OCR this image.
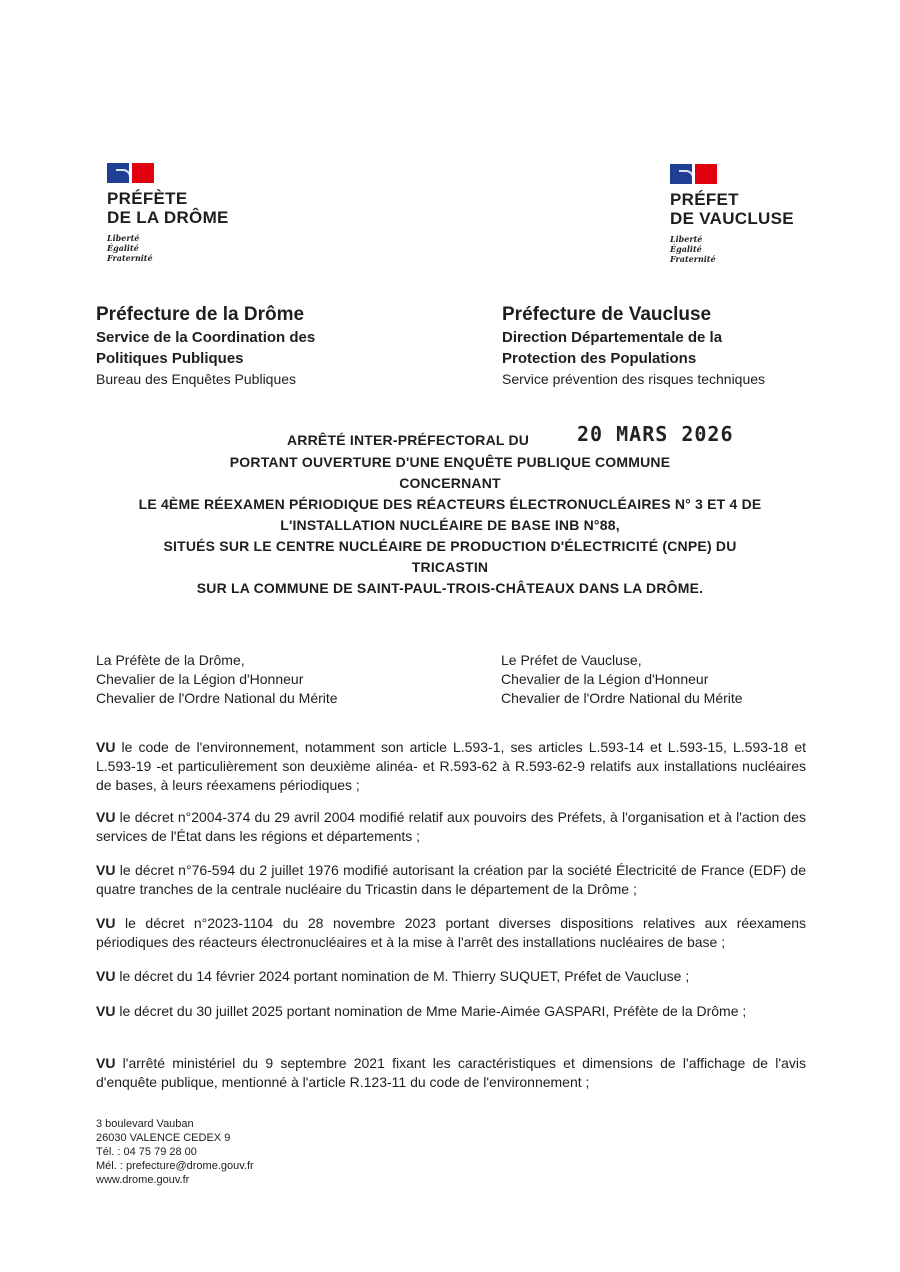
PRÉFÈTE
DE LA DRÔME
Liberté
Égalité
Fraternité
PRÉFET
DE VAUCLUSE
Liberté
Égalité
Fraternité
Préfecture de la Drôme
Service de la Coordination des
Politiques Publiques
Bureau des Enquêtes Publiques
Préfecture de Vaucluse
Direction Départementale de la
Protection des Populations
Service prévention des risques techniques
ARRÊTÉ INTER-PRÉFECTORAL DU 20 MARS 2026
PORTANT OUVERTURE D'UNE ENQUÊTE PUBLIQUE COMMUNE
CONCERNANT
LE 4ÈME RÉEXAMEN PÉRIODIQUE DES RÉACTEURS ÉLECTRONUCLÉAIRES N° 3 ET 4 DE
L'INSTALLATION NUCLÉAIRE DE BASE INB N°88,
SITUÉS SUR LE CENTRE NUCLÉAIRE DE PRODUCTION D'ÉLECTRICITÉ (CNPE) DU
TRICASTIN
SUR LA COMMUNE DE SAINT-PAUL-TROIS-CHÂTEAUX DANS LA DRÔME.
La Préfète de la Drôme,
Chevalier de la Légion d'Honneur
Chevalier de l'Ordre National du Mérite
Le Préfet de Vaucluse,
Chevalier de la Légion d'Honneur
Chevalier de l'Ordre National du Mérite

VU le code de l'environnement, notamment son article L.593-1, ses articles L.593-14 et L.593-15, L.593-18 et L.593-19 -et particulièrement son deuxième alinéa- et R.593-62 à R.593-62-9 relatifs aux installations nucléaires de bases, à leurs réexamens périodiques ;

VU le décret n°2004-374 du 29 avril 2004 modifié relatif aux pouvoirs des Préfets, à l'organisation et à l'action des services de l'État dans les régions et départements ;

VU le décret n°76-594 du 2 juillet 1976 modifié autorisant la création par la société Électricité de France (EDF) de quatre tranches de la centrale nucléaire du Tricastin dans le département de la Drôme ;

VU le décret n°2023-1104 du 28 novembre 2023 portant diverses dispositions relatives aux réexamens périodiques des réacteurs électronucléaires et à la mise à l'arrêt des installations nucléaires de base ;

VU le décret du 14 février 2024 portant nomination de M. Thierry SUQUET, Préfet de Vaucluse ;

VU le décret du 30 juillet 2025 portant nomination de Mme Marie-Aimée GASPARI, Préfète de la Drôme ;

VU l'arrêté ministériel du 9 septembre 2021 fixant les caractéristiques et dimensions de l'affichage de l'avis d'enquête publique, mentionné à l'article R.123-11 du code de l'environnement ;

3 boulevard Vauban
26030 VALENCE CEDEX 9
Tél. : 04 75 79 28 00
Mél. : prefecture@drome.gouv.fr
www.drome.gouv.fr
